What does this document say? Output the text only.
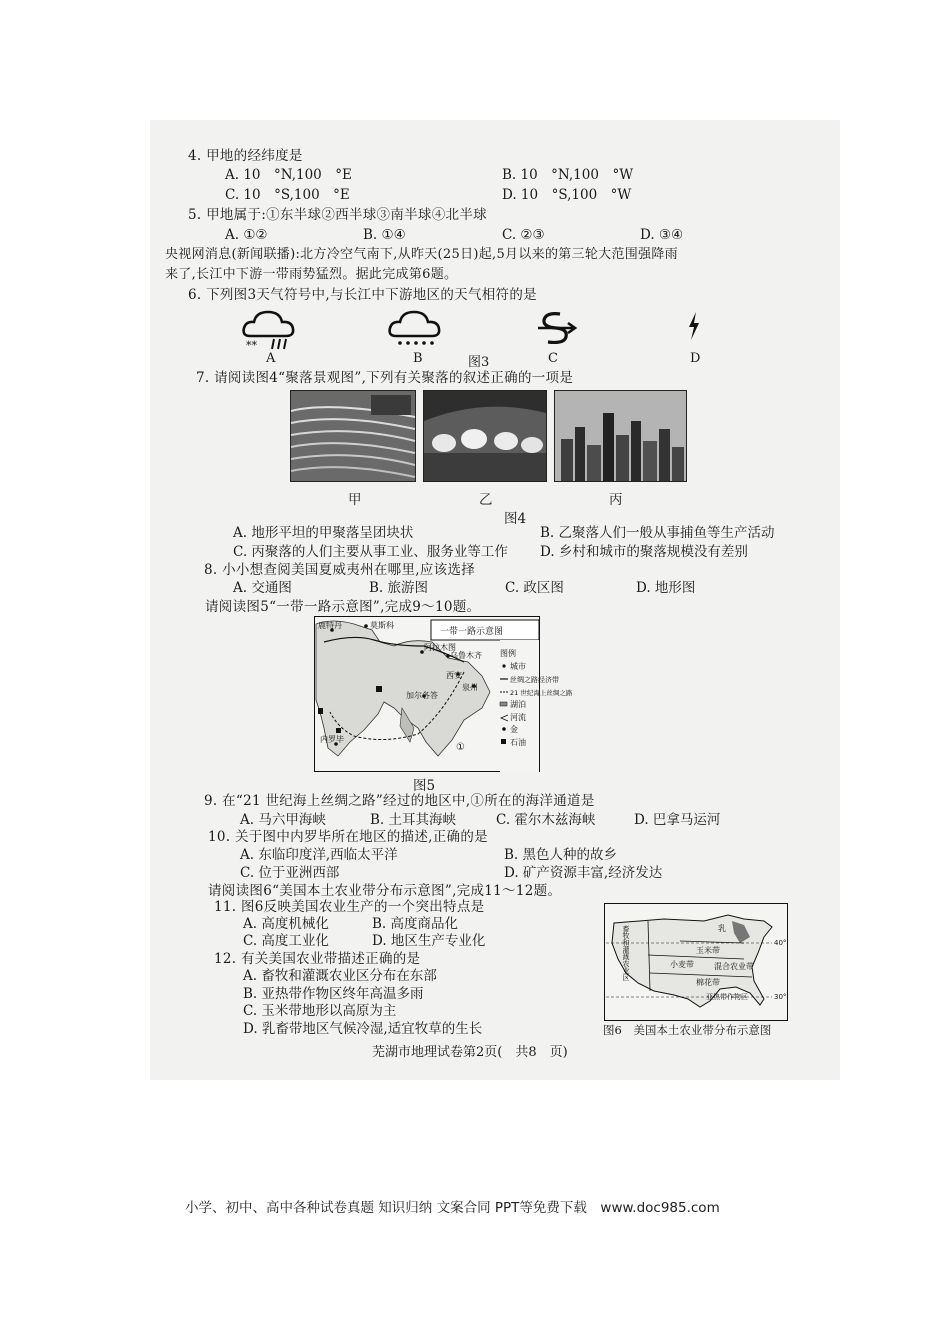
4. 甲地的经纬度是
A. 10　°N,100　°E	B. 10　°N,100　°W
C. 10　°S,100　°E	D. 10　°S,100　°W
5. 甲地属于:①东半球②西半球③南半球④北半球
A. ①②	B. ①④	C. ②③	D. ③④
央视网消息(新闻联播):北方冷空气南下,从昨天(25日)起,5月以来的第三轮大范围强降雨
来了,长江中下游一带雨势猛烈。据此完成第6题。
6. 下列图3天气符号中,与长江中下游地区的天气相符的是
**
A	B	图3	C	D
7. 请阅读图4“聚落景观图”,下列有关聚落的叙述正确的一项是
甲	乙	丙
图4
A. 地形平坦的甲聚落呈团块状	B. 乙聚落人们一般从事捕鱼等生产活动
C. 丙聚落的人们主要从事工业、服务业等工作 D. 乡村和城市的聚落规模没有差别
8. 小小想查阅美国夏威夷州在哪里,应该选择
A. 交通图	B. 旅游图	C. 政区图	D. 地形图
请阅读图5“一带一路示意图”,完成9～10题。
一带一路示意图
鹿特丹	莫斯科
阿拉木图
乌鲁木齐
西安
泉州
加尔各答
内罗毕
①
图例
城市
丝绸之路经济带
21 世纪海上丝绸之路
湖泊
河流
金
石油
图5
9. 在“21 世纪海上丝绸之路”经过的地区中,①所在的海洋通道是
A. 马六甲海峡	B. 土耳其海峡	C. 霍尔木兹海峡	D. 巴拿马运河
10. 关于图中内罗毕所在地区的描述,正确的是
A. 东临印度洋,西临太平洋	B. 黑色人种的故乡
C. 位于亚洲西部	D. 矿产资源丰富,经济发达
请阅读图6“美国本土农业带分布示意图”,完成11～12题。
11. 图6反映美国农业生产的一个突出特点是
A. 高度机械化	B. 高度商品化
C. 高度工业化	D. 地区生产专业化
12. 有关美国农业带描述正确的是
A. 畜牧和灌溉农业区分布在东部
B. 亚热带作物区终年高温多雨
C. 玉米带地形以高原为主
D. 乳畜带地区气候冷湿,适宜牧草的生长
40°
30°
畜牧和灌溉农业区	乳
玉米带
小麦带	混合农业带
棉花带
亚热带作物区
图6　美国本土农业带分布示意图
芜湖市地理试卷第2页(　共8　页)
小学、初中、高中各种试卷真题 知识归纳 文案合同 PPT等免费下载　www.doc985.com
